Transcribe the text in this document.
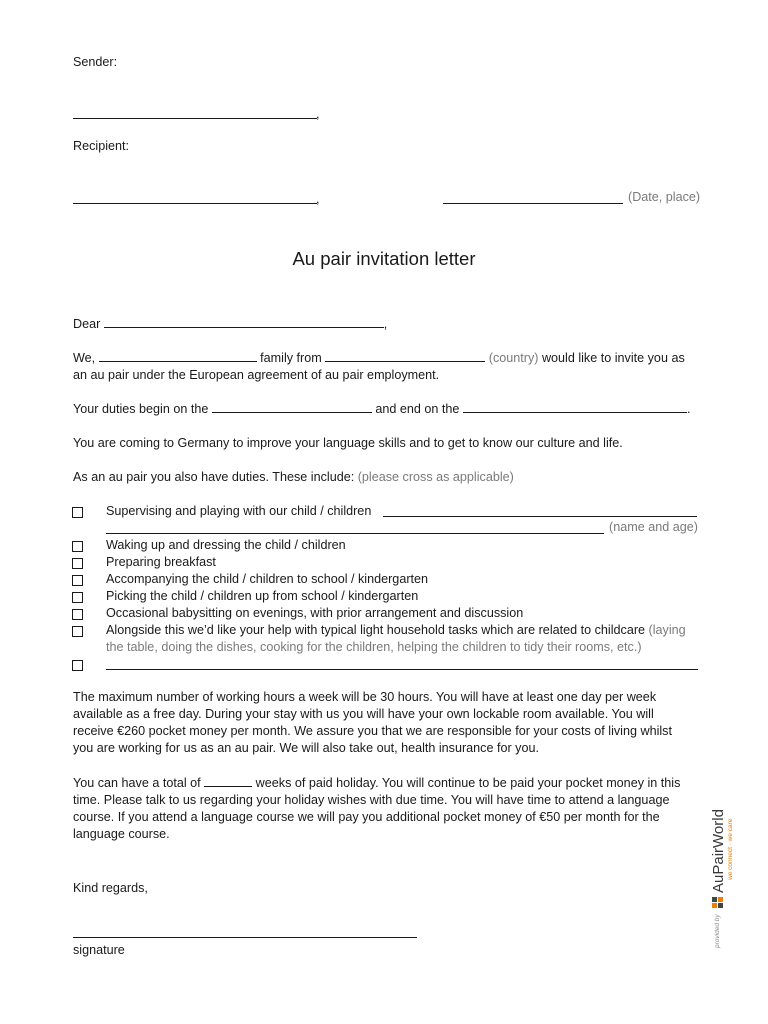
Sender:
,
Recipient:
,	(Date, place)
Au pair invitation letter
Dear	,
We,	family from	(country) would like to invite you as
an au pair under the European agreement of au pair employment.
Your duties begin on the	and end on the	.
You are coming to Germany to improve your language skills and to get to know our culture and life.
As an au pair you also have duties. These include: (please cross as applicable)
Supervising and playing with our child / children
(name and age)
Waking up and dressing the child / children
Preparing breakfast
Accompanying the child / children to school / kindergarten
Picking the child / children up from school / kindergarten
Occasional babysitting on evenings, with prior arrangement and discussion
Alongside this we’d like your help with typical light household tasks which are related to childcare (laying
the table, doing the dishes, cooking for the children, helping the children to tidy their rooms, etc.)
The maximum number of working hours a week will be 30 hours. You will have at least one day per week
available as a free day. During your stay with us you will have your own lockable room available. You will
receive €260 pocket money per month. We assure you that we are responsible for your costs of living whilst
you are working for us as an au pair. We will also take out, health insurance for you.
You can have a total of	weeks of paid holiday. You will continue to be paid your pocket money in this
time. Please talk to us regarding your holiday wishes with due time. You will have time to attend a language
course. If you attend a language course we will pay you additional pocket money of €50 per month for the
language course.
Kind regards,
signature
provided by
AuPairWorld we connect · we care
